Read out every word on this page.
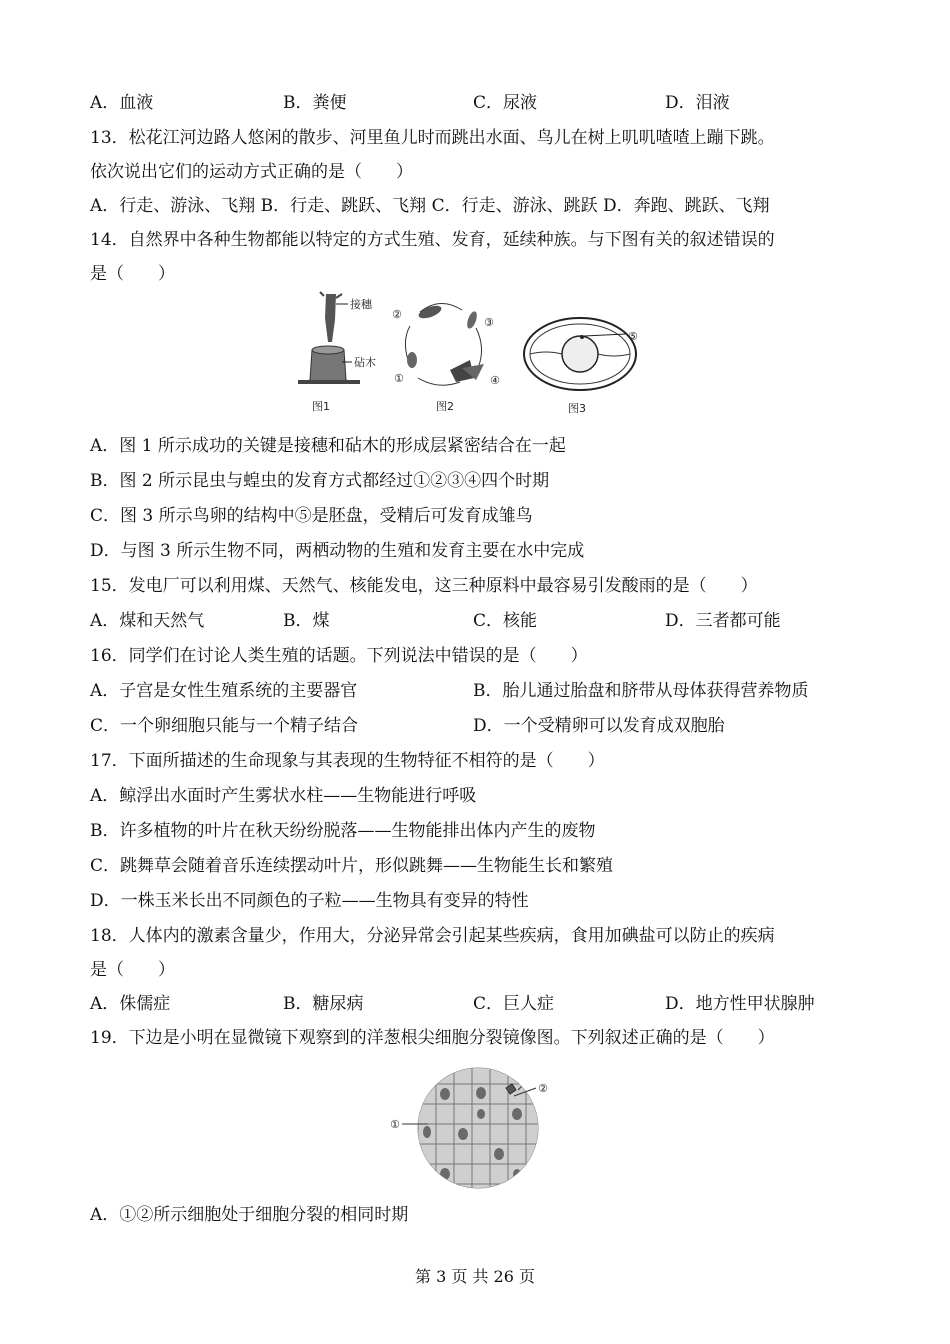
A．血液	B．粪便	C．尿液	D．泪液
13．松花江河边路人悠闲的散步、河里鱼儿时而跳出水面、鸟儿在树上叽叽喳喳上蹦下跳。
依次说出它们的运动方式正确的是（　　）
A．行走、游泳、飞翔 B．行走、跳跃、飞翔 C．行走、游泳、跳跃 D．奔跑、跳跃、飞翔
14．自然界中各种生物都能以特定的方式生殖、发育，延续种族。与下图有关的叙述错误的
是（　　）
接穗
砧木
图1
②
③
④
①
图2
⑤
图3
A．图 1 所示成功的关键是接穗和砧木的形成层紧密结合在一起
B．图 2 所示昆虫与蝗虫的发育方式都经过①②③④四个时期
C．图 3 所示鸟卵的结构中⑤是胚盘，受精后可发育成雏鸟
D．与图 3 所示生物不同，两栖动物的生殖和发育主要在水中完成
15．发电厂可以利用煤、天然气、核能发电，这三种原料中最容易引发酸雨的是（　　）
A．煤和天然气	B．煤	C．核能	D．三者都可能
16．同学们在讨论人类生殖的话题。下列说法中错误的是（　　）
A．子宫是女性生殖系统的主要器官	B．胎儿通过胎盘和脐带从母体获得营养物质
C．一个卵细胞只能与一个精子结合	D．一个受精卵可以发育成双胞胎
17．下面所描述的生命现象与其表现的生物特征不相符的是（　　）
A．鲸浮出水面时产生雾状水柱——生物能进行呼吸
B．许多植物的叶片在秋天纷纷脱落——生物能排出体内产生的废物
C．跳舞草会随着音乐连续摆动叶片，形似跳舞——生物能生长和繁殖
D．一株玉米长出不同颜色的子粒——生物具有变异的特性
18．人体内的激素含量少，作用大，分泌异常会引起某些疾病，食用加碘盐可以防止的疾病
是（　　）
A．侏儒症	B．糖尿病	C．巨人症	D．地方性甲状腺肿
19．下边是小明在显微镜下观察到的洋葱根尖细胞分裂镜像图。下列叙述正确的是（　　）
①
②
A．①②所示细胞处于细胞分裂的相同时期
第 3 页 共 26 页
